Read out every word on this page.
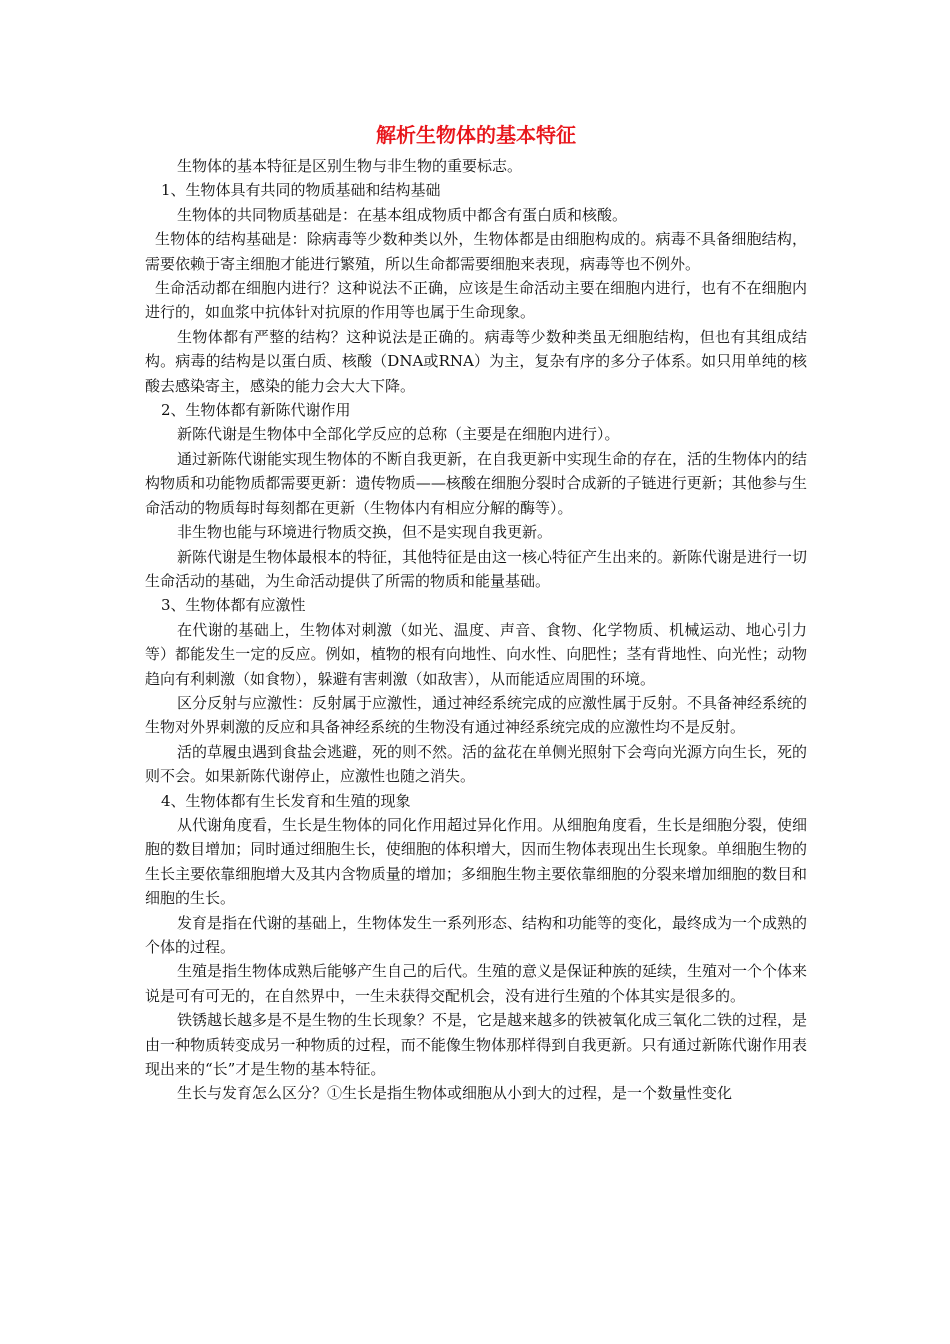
解析生物体的基本特征

生物体的基本特征是区别生物与非生物的重要标志。

1、生物体具有共同的物质基础和结构基础

生物体的共同物质基础是：在基本组成物质中都含有蛋白质和核酸。

生物体的结构基础是：除病毒等少数种类以外，生物体都是由细胞构成的。病毒不具备细胞结构，需要依赖于寄主细胞才能进行繁殖，所以生命都需要细胞来表现，病毒等也不例外。

生命活动都在细胞内进行？这种说法不正确，应该是生命活动主要在细胞内进行，也有不在细胞内进行的，如血浆中抗体针对抗原的作用等也属于生命现象。

生物体都有严整的结构？这种说法是正确的。病毒等少数种类虽无细胞结构，但也有其组成结构。病毒的结构是以蛋白质、核酸（DNA或RNA）为主，复杂有序的多分子体系。如只用单纯的核酸去感染寄主，感染的能力会大大下降。

2、生物体都有新陈代谢作用

新陈代谢是生物体中全部化学反应的总称（主要是在细胞内进行）。

通过新陈代谢能实现生物体的不断自我更新，在自我更新中实现生命的存在，活的生物体内的结构物质和功能物质都需要更新：遗传物质——核酸在细胞分裂时合成新的子链进行更新；其他参与生命活动的物质每时每刻都在更新（生物体内有相应分解的酶等）。

非生物也能与环境进行物质交换，但不是实现自我更新。

新陈代谢是生物体最根本的特征，其他特征是由这一核心特征产生出来的。新陈代谢是进行一切生命活动的基础，为生命活动提供了所需的物质和能量基础。

3、生物体都有应激性

在代谢的基础上，生物体对刺激（如光、温度、声音、食物、化学物质、机械运动、地心引力等）都能发生一定的反应。例如，植物的根有向地性、向水性、向肥性；茎有背地性、向光性；动物趋向有利刺激（如食物），躲避有害刺激（如敌害），从而能适应周围的环境。

区分反射与应激性：反射属于应激性，通过神经系统完成的应激性属于反射。不具备神经系统的生物对外界刺激的反应和具备神经系统的生物没有通过神经系统完成的应激性均不是反射。

活的草履虫遇到食盐会逃避，死的则不然。活的盆花在单侧光照射下会弯向光源方向生长，死的则不会。如果新陈代谢停止，应激性也随之消失。

4、生物体都有生长发育和生殖的现象

从代谢角度看，生长是生物体的同化作用超过异化作用。从细胞角度看，生长是细胞分裂，使细胞的数目增加；同时通过细胞生长，使细胞的体积增大，因而生物体表现出生长现象。单细胞生物的生长主要依靠细胞增大及其内含物质量的增加；多细胞生物主要依靠细胞的分裂来增加细胞的数目和细胞的生长。

发育是指在代谢的基础上，生物体发生一系列形态、结构和功能等的变化，最终成为一个成熟的个体的过程。

生殖是指生物体成熟后能够产生自己的后代。生殖的意义是保证种族的延续，生殖对一个个体来说是可有可无的，在自然界中，一生未获得交配机会，没有进行生殖的个体其实是很多的。

铁锈越长越多是不是生物的生长现象？不是，它是越来越多的铁被氧化成三氧化二铁的过程，是由一种物质转变成另一种物质的过程，而不能像生物体那样得到自我更新。只有通过新陈代谢作用表现出来的“长”才是生物的基本特征。

生长与发育怎么区分？①生长是指生物体或细胞从小到大的过程，是一个数量性变化
